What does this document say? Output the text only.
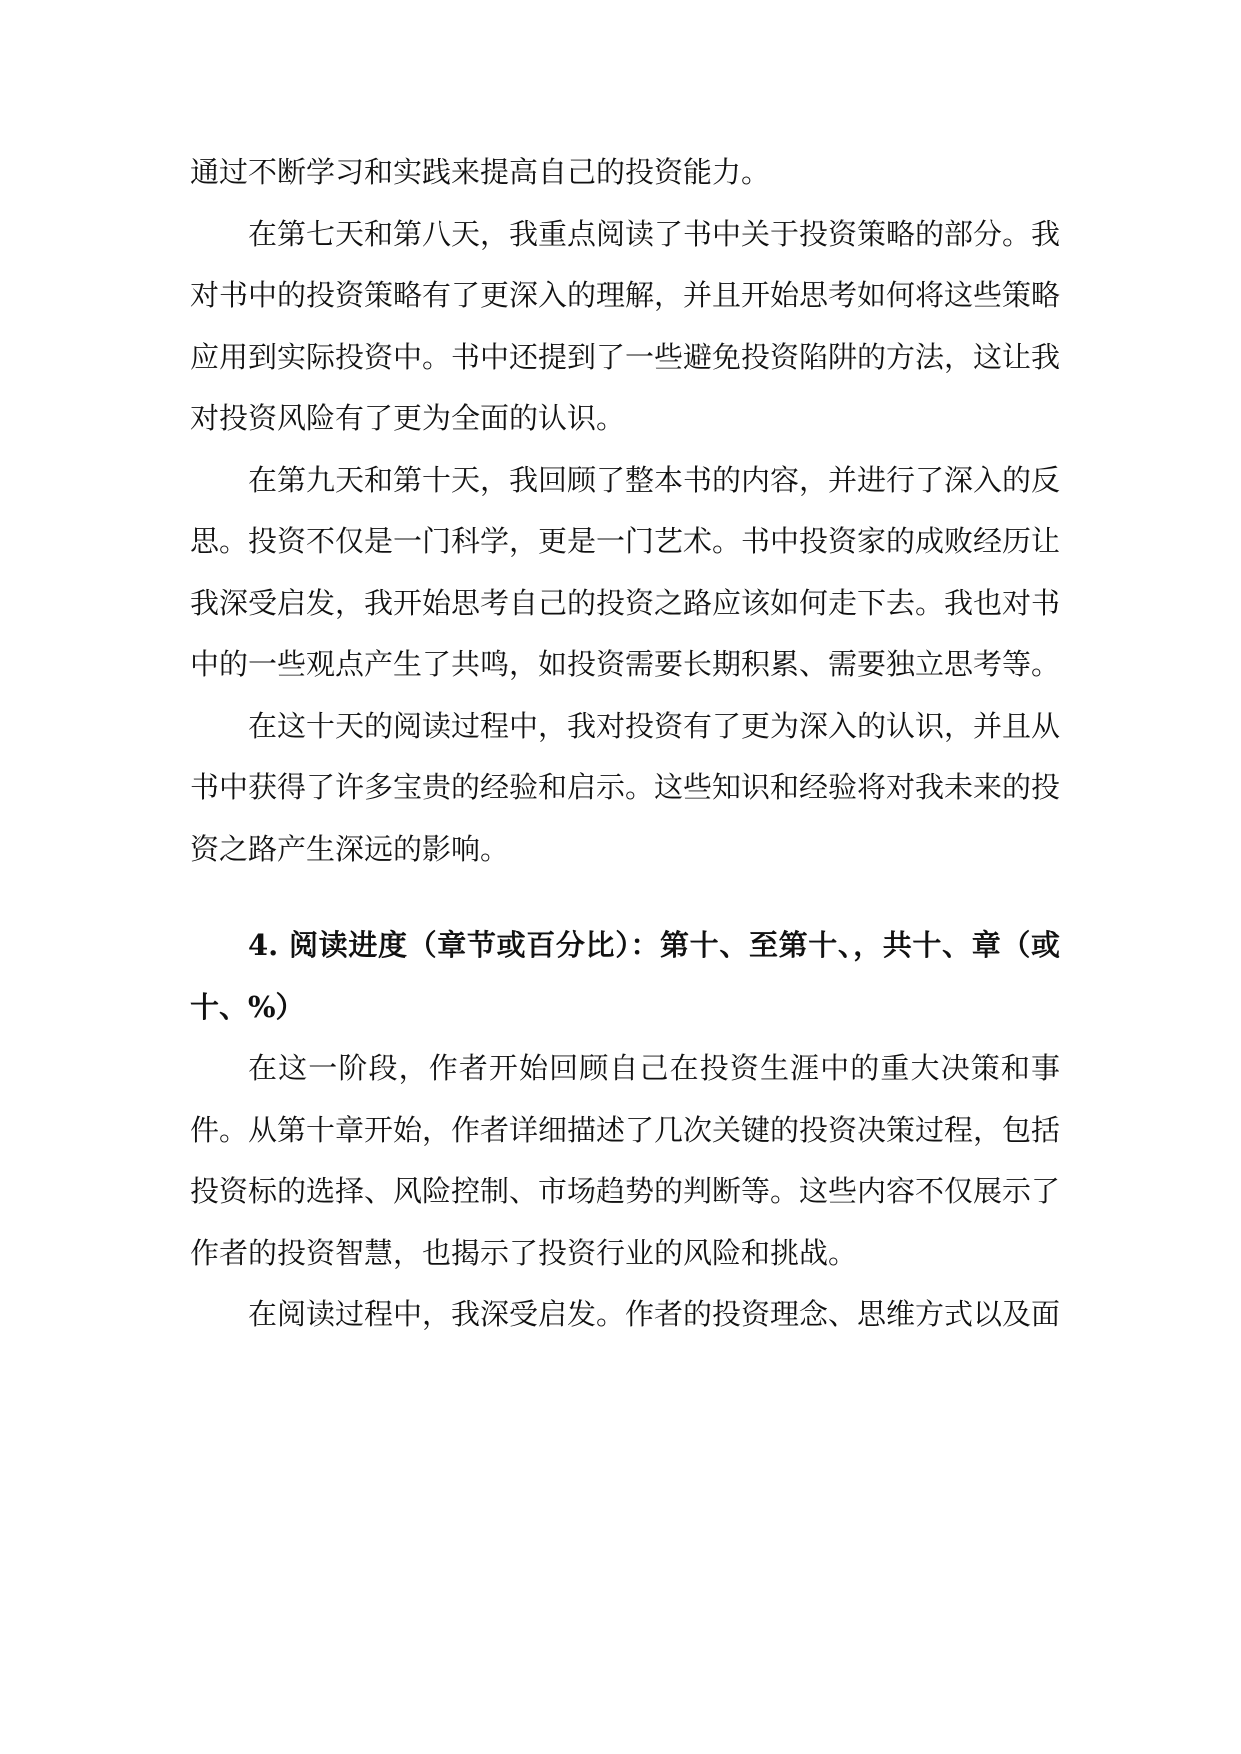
通过不断学习和实践来提高自己的投资能力。

在第七天和第八天，我重点阅读了书中关于投资策略的部分。我对书中的投资策略有了更深入的理解，并且开始思考如何将这些策略应用到实际投资中。书中还提到了一些避免投资陷阱的方法，这让我对投资风险有了更为全面的认识。

在第九天和第十天，我回顾了整本书的内容，并进行了深入的反思。投资不仅是一门科学，更是一门艺术。书中投资家的成败经历让我深受启发，我开始思考自己的投资之路应该如何走下去。我也对书中的一些观点产生了共鸣，如投资需要长期积累、需要独立思考等。

在这十天的阅读过程中，我对投资有了更为深入的认识，并且从书中获得了许多宝贵的经验和启示。这些知识和经验将对我未来的投资之路产生深远的影响。

4. 阅读进度（章节或百分比）：第十、至第十、，共十、章（或十、%）

在这一阶段，作者开始回顾自己在投资生涯中的重大决策和事件。从第十章开始，作者详细描述了几次关键的投资决策过程，包括投资标的选择、风险控制、市场趋势的判断等。这些内容不仅展示了作者的投资智慧，也揭示了投资行业的风险和挑战。

在阅读过程中，我深受启发。作者的投资理念、思维方式以及面
